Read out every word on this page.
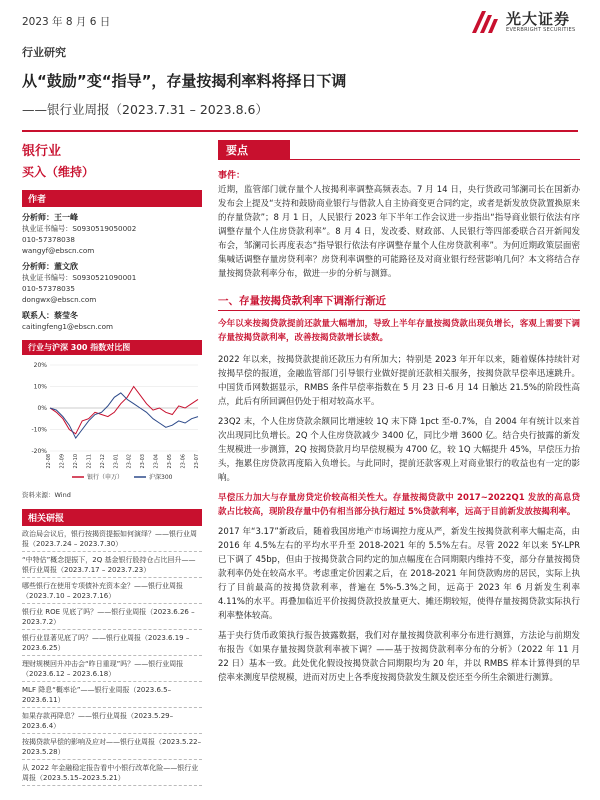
2023 年 8 月 6 日	光大证券
EVERBRIGHT SECURITIES
行业研究
从“鼓励”变“指导”，存量按揭利率料将择日下调
——银行业周报（2023.7.31 – 2023.8.6）
银行业
买入（维持）
作者
分析师：王一峰
执业证书编号：S0930519050002
010-57378038
wangyf@ebscn.com
分析师：董文欣
执业证书编号：S0930521090001
010-57378035
dongwx@ebscn.com
联系人：蔡莹冬
caitingfeng1@ebscn.com
行业与沪深 300 指数对比图
20%
10%
0%
-10%
-20%
22-08 22-09 22-10 22-11 22-12 23-01 23-02 23-03 23-04 23-05 23-06 23-07
银行（申万）	沪深300
资料来源：Wind
相关研报
政治局会议后，银行按揭资提振如何演绎？——银行业周报（2023.7.24 – 2023.7.30）
“中特估”概念提振下，2Q 基金银行股持仓占比回升——银行业周报（2023.7.17 – 2023.7.23）
哪些银行在使用专项债补充资本金？——银行业周报（2023.7.10 – 2023.7.16）
银行业 ROE 见底了吗？——银行业周报（2023.6.26 – 2023.7.2）
银行业显著见底了吗？——银行业周报（2023.6.19 – 2023.6.25）
理财规模回升冲击会“昨日重现”吗？——银行业周报（2023.6.12 – 2023.6.18）
MLF 降息“概率论”——银行业周报（2023.6.5–2023.6.11）
如果存款再降息？——银行业周报（2023.5.29–2023.6.4）
按揭贷款早偿的影响及应对——银行业周报（2023.5.22–2023.5.28）
从 2022 年金融稳定报告看中小银行改革化险——银行业周报（2023.5.15–2023.5.21）
要点
事件：
近期，监管部门就存量个人按揭利率调整高频表态。7 月 14 日，央行货政司邹澜司长在国新办发布会上提及“支持和鼓励商业银行与借款人自主协商变更合同约定，或者是新发放贷款置换原来的存量贷款”；8 月 1 日，人民银行 2023 年下半年工作会议进一步指出“指导商业银行依法有序调整存量个人住房贷款利率”。8 月 4 日，发改委、财政部、人民银行等四部委联合召开新闻发布会，邹澜司长再度表态“指导银行依法有序调整存量个人住房贷款利率”。为何近期政策层面密集喊话调整存量房贷利率？房贷利率调整的可能路径及对商业银行经营影响几何？本文将结合存量按揭贷款利率分布，做进一步的分析与测算。
一、存量按揭贷款利率下调渐行渐近
今年以来按揭贷款提前还款量大幅增加，导致上半年存量按揭贷款出现负增长，客观上需要下调存量按揭贷款利率，改善按揭贷款增长读数。
2022 年以来，按揭贷款提前还款压力有所加大；特别是 2023 年开年以来，随着媒体持续针对按揭早偿的报道，金融监管部门引导银行业做好提前还款相关服务，按揭贷款早偿率迅速跳升。中国货币网数据显示，RMBS 条件早偿率指数在 5 月 23 日-6 月 14 日触达 21.5%的阶段性高点，此后有所回调但仍处于相对较高水平。
23Q2 末，个人住房贷款余额同比增速较 1Q 末下降 1pct 至-0.7%，自 2004 年有统计以来首次出现同比负增长。2Q 个人住房贷款减少 3400 亿，同比少增 3600 亿。结合央行披露的新发生规模进一步测算，2Q 按揭贷款月均早偿规模为 4700 亿，较 1Q 大幅提升 45%，早偿压力抬头，拖累住房贷款再度陷入负增长。与此同时，提前还款客观上对商业银行的收益也有一定的影响。
早偿压力加大与存量房贷定价较高相关性大。存量按揭贷款中 2017~2022Q1 发放的高息贷款占比较高，现阶段存量中仍有相当部分执行超过 5%贷款利率，远高于目前新发放按揭利率。
2017 年“3.17”新政后，随着我国房地产市场调控力度从严，新发生按揭贷款利率大幅走高，由 2016 年 4.5%左右的平均水平升至 2018-2021 年的 5.5%左右。尽管 2022 年以来 5Y-LPR 已下调了 45bp，但由于按揭贷款合同约定的加点幅度在合同期限内维持不变，部分存量按揭贷款利率仍处在较高水平。考虑重定价因素之后，在 2018-2021 年间贷款购房的居民，实际上执行了目前最高的按揭贷款利率，普遍在 5%-5.3%之间，远高于 2023 年 6 月新发生利率 4.11%的水平。再叠加临近平价按揭贷款投放量更大、摊还期较短，使得存量按揭贷款实际执行利率整体较高。
基于央行货币政策执行报告披露数据，我们对存量按揭贷款利率分布进行测算，方法论与前期发布报告《如果存量按揭贷款利率被下调？——基于按揭贷款利率分布的分析》（2022 年 11 月 22 日）基本一致。此处优化假设按揭贷款合同期限均为 20 年，并以 RMBS 样本计算得到的早偿率来测度早偿规模，进而对历史上各季度按揭贷款发生额及偿还至今所生余额进行测算。
